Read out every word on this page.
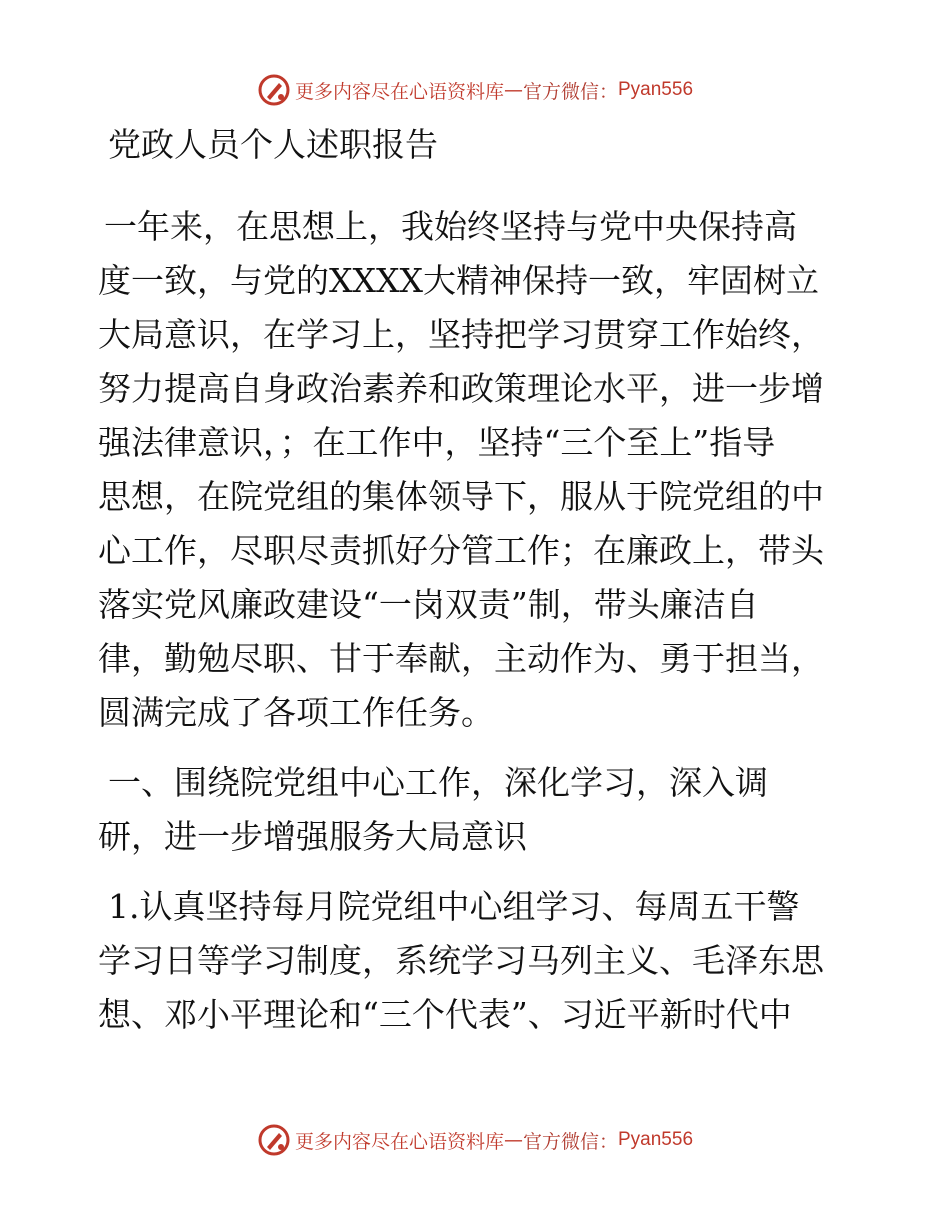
更多内容尽在心语资料库 — 官方微信： Pyan556

党政人员个人述职报告

一年来，在思想上，我始终坚持与党中央保持高

度一致，与党的XXXX大精神保持一致，牢固树立

大局意识，在学习上，坚持把学习贯穿工作始终，

努力提高自身政治素养和政策理论水平，进一步增

强法律意识，；在工作中，坚持“三个至上”指导

思想，在院党组的集体领导下，服从于院党组的中

心工作，尽职尽责抓好分管工作；在廉政上，带头

落实党风廉政建设“一岗双责”制，带头廉洁自

律，勤勉尽职、甘于奉献，主动作为、勇于担当，

圆满完成了各项工作任务。

一、围绕院党组中心工作，深化学习，深入调

研，进一步增强服务大局意识

1.认真坚持每月院党组中心组学习、每周五干警

学习日等学习制度，系统学习马列主义、毛泽东思

想、邓小平理论和“三个代表”、习近平新时代中

更多内容尽在心语资料库 — 官方微信： Pyan556
